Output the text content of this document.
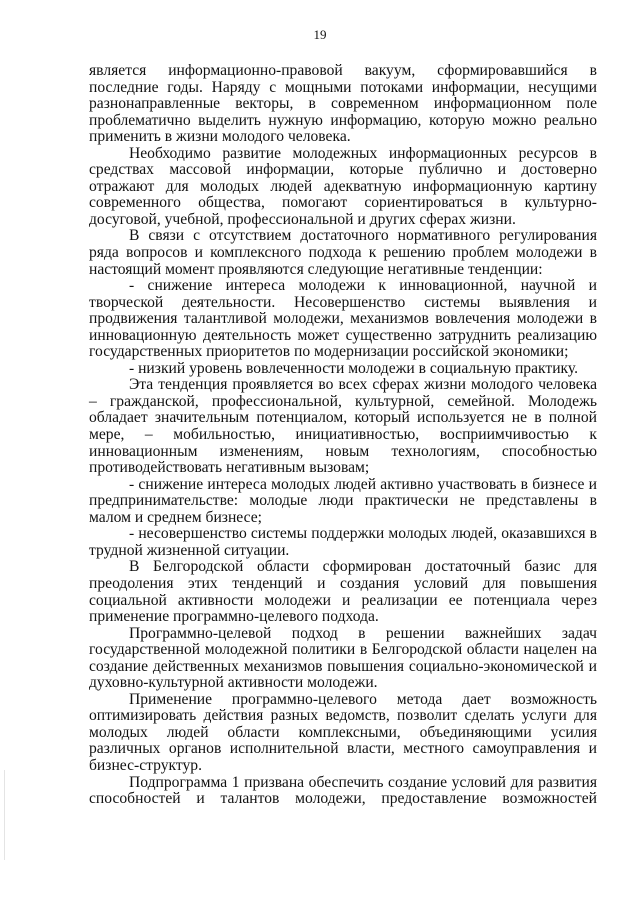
19

является информационно-правовой вакуум, сформировавшийся в последние годы. Наряду с мощными потоками информации, несущими разнонаправленные векторы, в современном информационном поле проблематично выделить нужную информацию, которую можно реально применить в жизни молодого человека.

Необходимо развитие молодежных информационных ресурсов в средствах массовой информации, которые публично и достоверно отражают для молодых людей адекватную информационную картину современного общества, помогают сориентироваться в культурно-досуговой, учебной, профессиональной и других сферах жизни.

В связи с отсутствием достаточного нормативного регулирования ряда вопросов и комплексного подхода к решению проблем молодежи в настоящий момент проявляются следующие негативные тенденции:

- снижение интереса молодежи к инновационной, научной и творческой деятельности. Несовершенство системы выявления и продвижения талантливой молодежи, механизмов вовлечения молодежи в инновационную деятельность может существенно затруднить реализацию государственных приоритетов по модернизации российской экономики;

- низкий уровень вовлеченности молодежи в социальную практику.

Эта тенденция проявляется во всех сферах жизни молодого человека – гражданской, профессиональной, культурной, семейной. Молодежь обладает значительным потенциалом, который используется не в полной мере, – мобильностью, инициативностью, восприимчивостью к инновационным изменениям, новым технологиям, способностью противодействовать негативным вызовам;

- снижение интереса молодых людей активно участвовать в бизнесе и предпринимательстве: молодые люди практически не представлены в малом и среднем бизнесе;

- несовершенство системы поддержки молодых людей, оказавшихся в трудной жизненной ситуации.

В Белгородской области сформирован достаточный базис для преодоления этих тенденций и создания условий для повышения социальной активности молодежи и реализации ее потенциала через применение программно-целевого подхода.

Программно-целевой подход в решении важнейших задач государственной молодежной политики в Белгородской области нацелен на создание действенных механизмов повышения социально-экономической и духовно-культурной активности молодежи.

Применение программно-целевого метода дает возможность оптимизировать действия разных ведомств, позволит сделать услуги для молодых людей области комплексными, объединяющими усилия различных органов исполнительной власти, местного самоуправления и бизнес-структур.

Подпрограмма 1 призвана обеспечить создание условий для развития способностей и талантов молодежи, предоставление возможностей
